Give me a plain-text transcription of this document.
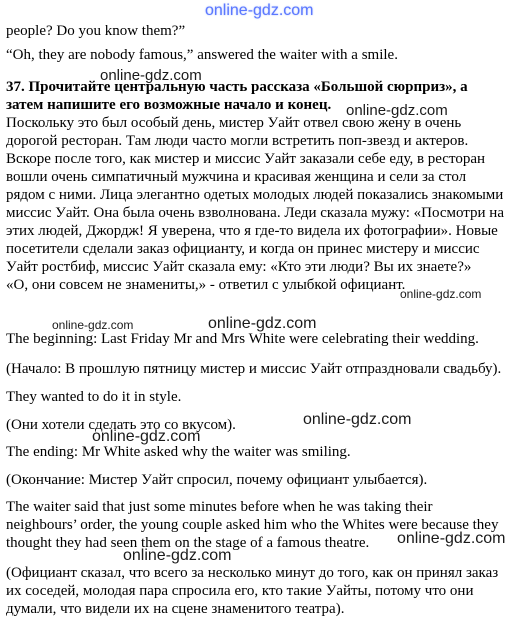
online-gdz.com
online-gdz.com
online-gdz.com
online-gdz.com
online-gdz.com	online-gdz.com
online-gdz.com
online-gdz.com
online-gdz.com
online-gdz.com

people? Do you know them?”

“Oh, they are nobody famous,” answered the waiter with a smile.

37. Прочитайте центральную часть рассказа «Большой сюрприз», а

затем напишите его возможные начало и конец.

Поскольку это был особый день, мистер Уайт отвел свою жену в очень

дорогой ресторан. Там люди часто могли встретить поп-звезд и актеров.

Вскоре после того, как мистер и миссис Уайт заказали себе еду, в ресторан

вошли очень симпатичный мужчина и красивая женщина и сели за стол

рядом с ними. Лица элегантно одетых молодых людей показались знакомыми

миссис Уайт. Она была очень взволнована. Леди сказала мужу: «Посмотри на

этих людей, Джордж! Я уверена, что я где-то видела их фотографии». Новые

посетители сделали заказ официанту, и когда он принес мистеру и миссис

Уайт ростбиф, миссис Уайт сказала ему: «Кто эти люди? Вы их знаете?»

«О, они совсем не знамениты,» - ответил с улыбкой официант.

The beginning: Last Friday Mr and Mrs White were celebrating their wedding.

(Начало: В прошлую пятницу мистер и миссис Уайт отпраздновали свадьбу).

They wanted to do it in style.

(Они хотели сделать это со вкусом).

The ending: Mr White asked why the waiter was smiling.

(Окончание: Мистер Уайт спросил, почему официант улыбается).

The waiter said that just some minutes before when he was taking their

neighbours’ order, the young couple asked him who the Whites were because they

thought they had seen them on the stage of a famous theatre.

(Официант сказал, что всего за несколько минут до того, как он принял заказ

их соседей, молодая пара спросила его, кто такие Уайты, потому что они

думали, что видели их на сцене знаменитого театра).
